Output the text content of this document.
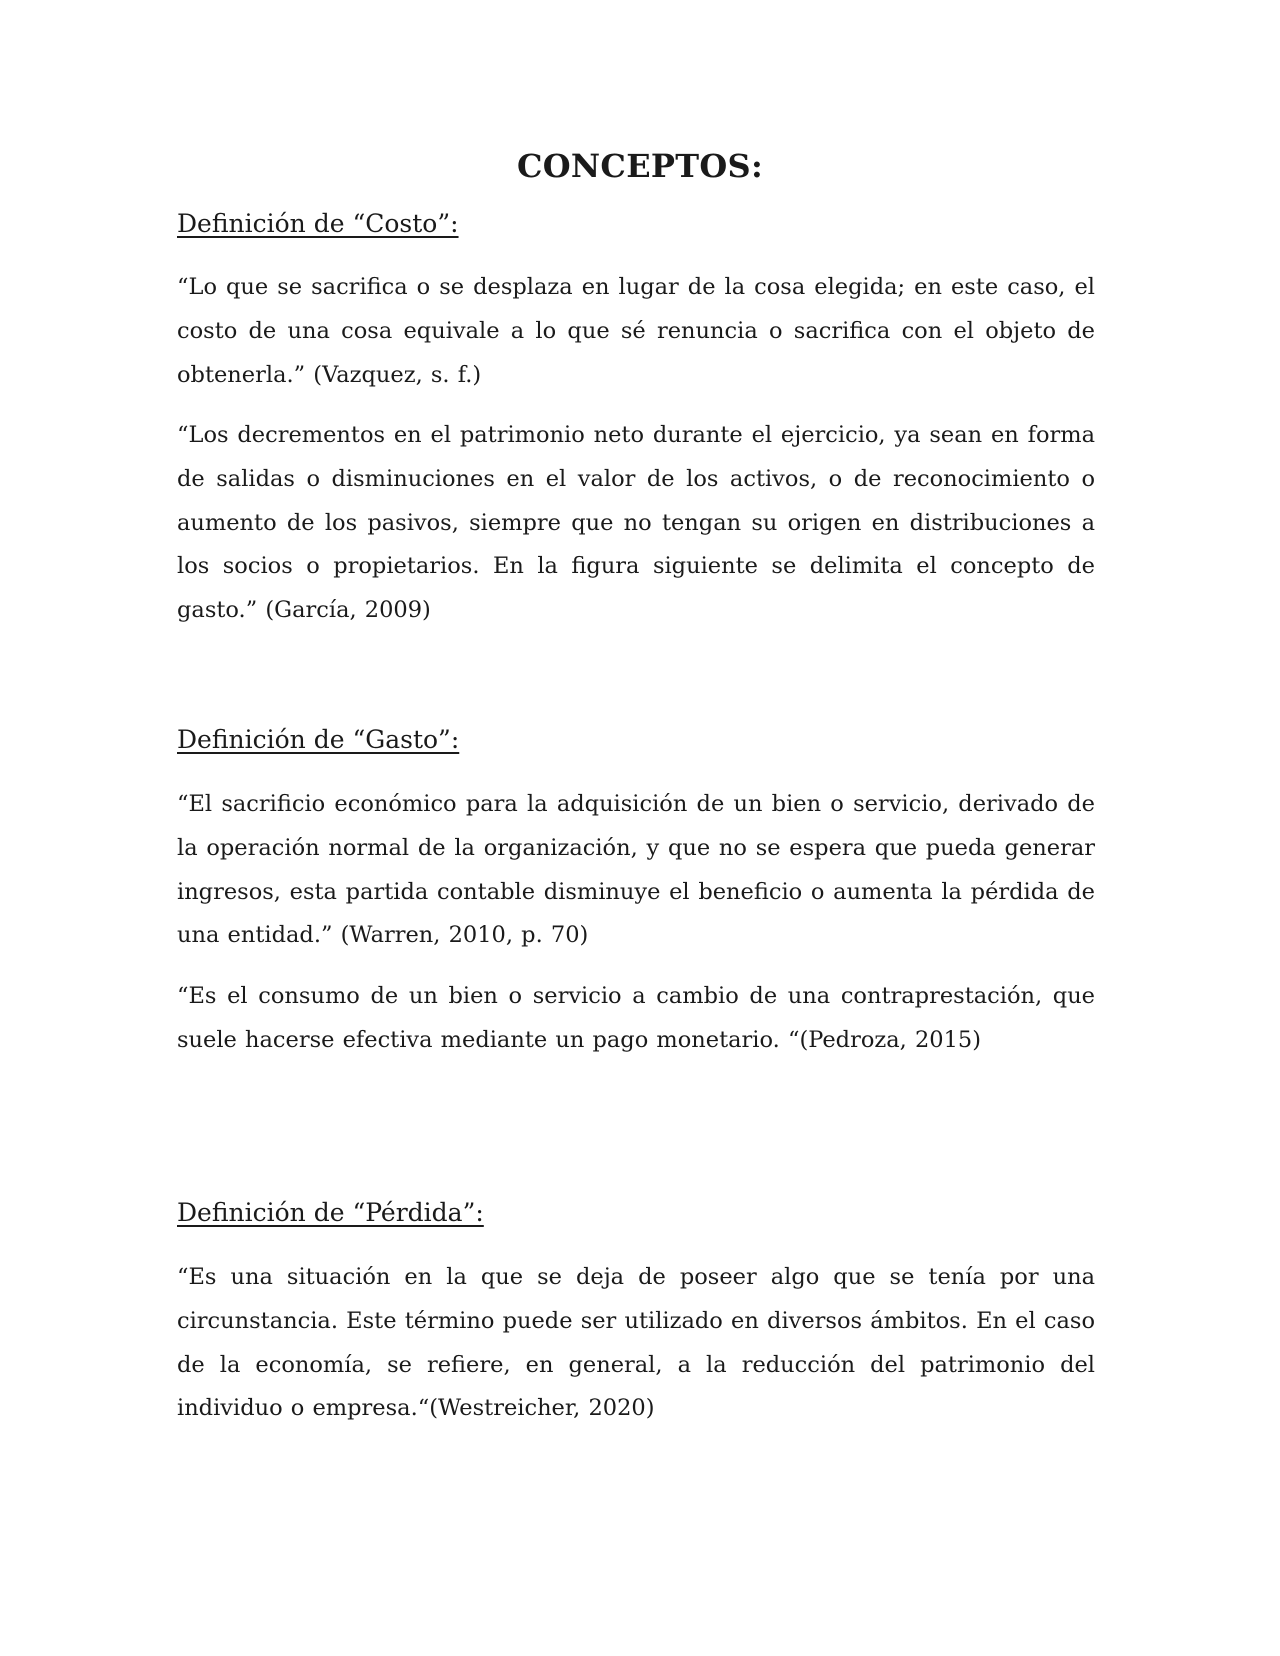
CONCEPTOS:
Definición de “Costo”:

“Lo que se sacrifica o se desplaza en lugar de la cosa elegida; en este caso, el costo de una cosa equivale a lo que sé renuncia o sacrifica con el objeto de obtenerla.” (Vazquez, s. f.)

“Los decrementos en el patrimonio neto durante el ejercicio, ya sean en forma de salidas o disminuciones en el valor de los activos, o de reconocimiento o aumento de los pasivos, siempre que no tengan su origen en distribuciones a los socios o propietarios. En la figura siguiente se delimita el concepto de gasto.” (García, 2009)

Definición de “Gasto”:

“El sacrificio económico para la adquisición de un bien o servicio, derivado de la operación normal de la organización, y que no se espera que pueda generar ingresos, esta partida contable disminuye el beneficio o aumenta la pérdida de una entidad.” (Warren, 2010, p. 70)

“Es el consumo de un bien o servicio a cambio de una contraprestación, que suele hacerse efectiva mediante un pago monetario. “(Pedroza, 2015)

Definición de “Pérdida”:

“Es una situación en la que se deja de poseer algo que se tenía por una circunstancia. Este término puede ser utilizado en diversos ámbitos. En el caso de la economía, se refiere, en general, a la reducción del patrimonio del individuo o empresa.“(Westreicher, 2020)
